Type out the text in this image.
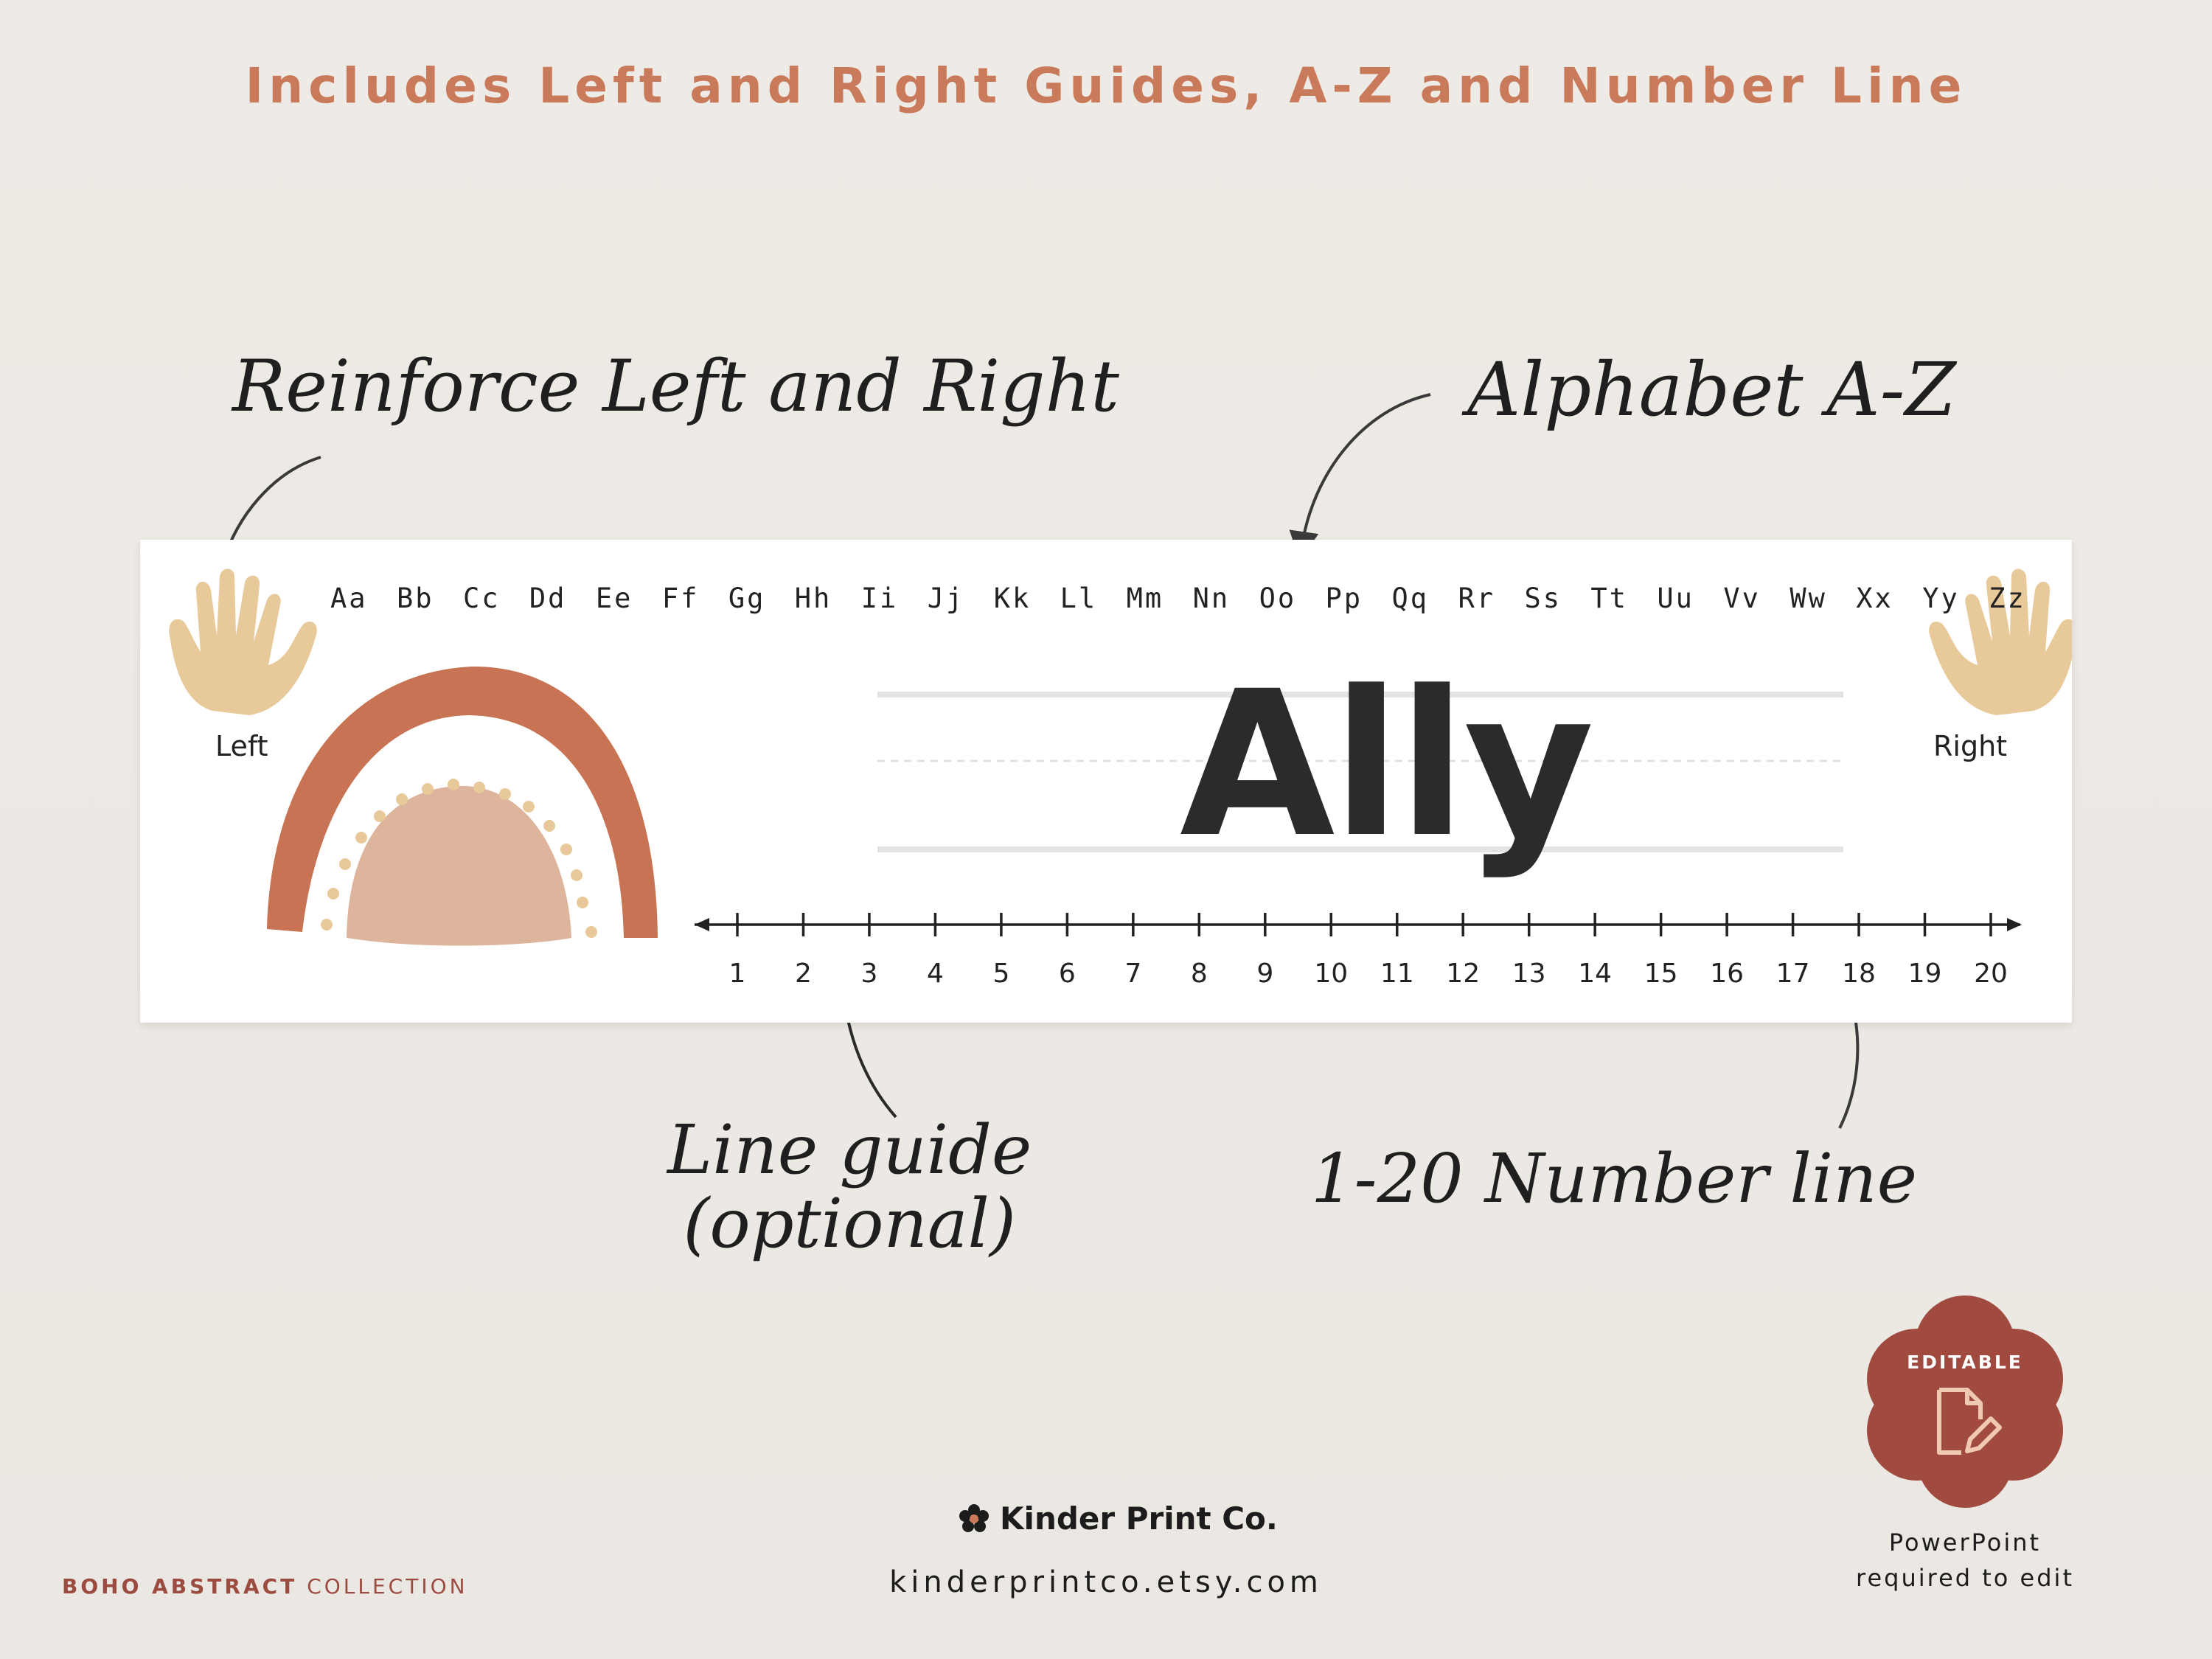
Includes Left and Right Guides, A-Z and Number Line
Reinforce Left and Right	Alphabet A-Z
Line guide
(optional)
1-20 Number line
Aa Bb Cc Dd Ee Ff Gg Hh Ii Jj Kk Ll Mm Nn Oo Pp Qq Rr Ss Tt Uu Vv Ww Xx Yy Zz
Left	Right
Ally
1 2 3 4 5 6 7 8 9 10 11 12 13 14 15 16 17 18 19 20
Kinder Print Co.
kinderprintco.etsy.com
BOHO ABSTRACT COLLECTION
EDITABLE
PowerPoint
required to edit
